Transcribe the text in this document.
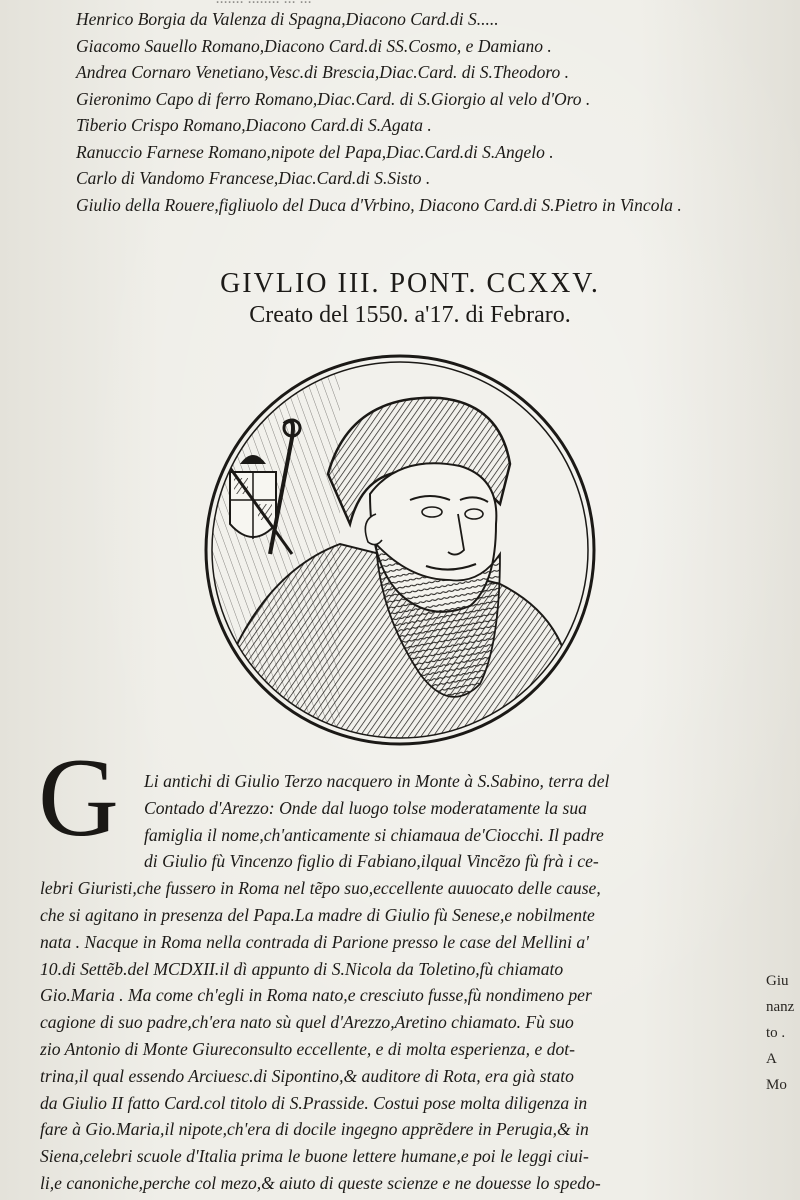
Henrico Borgia da Valenza di Spagna,Diacono Card.di S.....
Giacomo Sauello Romano,Diacono Card.di SS.Cosmo, e Damiano .
Andrea Cornaro Venetiano,Vesc.di Brescia,Diac.Card. di S.Theodoro .
Gieronimo Capo di ferro Romano,Diac.Card. di S.Giorgio al velo d'Oro .
Tiberio Crispo Romano,Diacono Card.di S.Agata .
Ranuccio Farnese Romano,nipote del Papa,Diac.Card.di S.Angelo .
Carlo di Vandomo Francese,Diac.Card.di S.Sisto .
Giulio della Rouere,figliuolo del Duca d'Vrbino, Diacono Card.di S.Pietro in Vincola .
GIVLIO III. PONT. CCXXV.
Creato del 1550. a'17. di Febraro.
G	Li antichi di Giulio Terzo nacquero in Monte à S.Sabino, terra del
Contado d'Arezzo: Onde dal luogo tolse moderatamente la sua
famiglia il nome,ch'anticamente si chiamaua de'Ciocchi. Il padre
di Giulio fù Vincenzo figlio di Fabiano,ilqual Vincẽzo fù frà i ce-
lebri Giuristi,che fussero in Roma nel tẽpo suo,eccellente auuocato delle cause,
che si agitano in presenza del Papa.La madre di Giulio fù Senese,e nobilmente
nata . Nacque in Roma nella contrada di Parione presso le case del Mellini a'
10.di Settẽb.del MCDXII.il dì appunto di S.Nicola da Toletino,fù chiamato
Gio.Maria . Ma come ch'egli in Roma nato,e cresciuto fusse,fù nondimeno per
cagione di suo padre,ch'era nato sù quel d'Arezzo,Aretino chiamato. Fù suo
zio Antonio di Monte Giureconsulto eccellente, e di molta esperienza, e dot-
trina,il qual essendo Arciuesc.di Sipontino,& auditore di Rota, era già stato
da Giulio II fatto Card.col titolo di S.Prasside. Costui pose molta diligenza in
fare à Gio.Maria,il nipote,ch'era di docile ingegno apprẽdere in Perugia,& in
Siena,celebri scuole d'Italia prima le buone lettere humane,e poi le leggi ciui-
li,e canoniche,perche col mezo,& aiuto di queste scienze e ne douesse lo spedo-
Giu
nanz
to .
A
Mo
